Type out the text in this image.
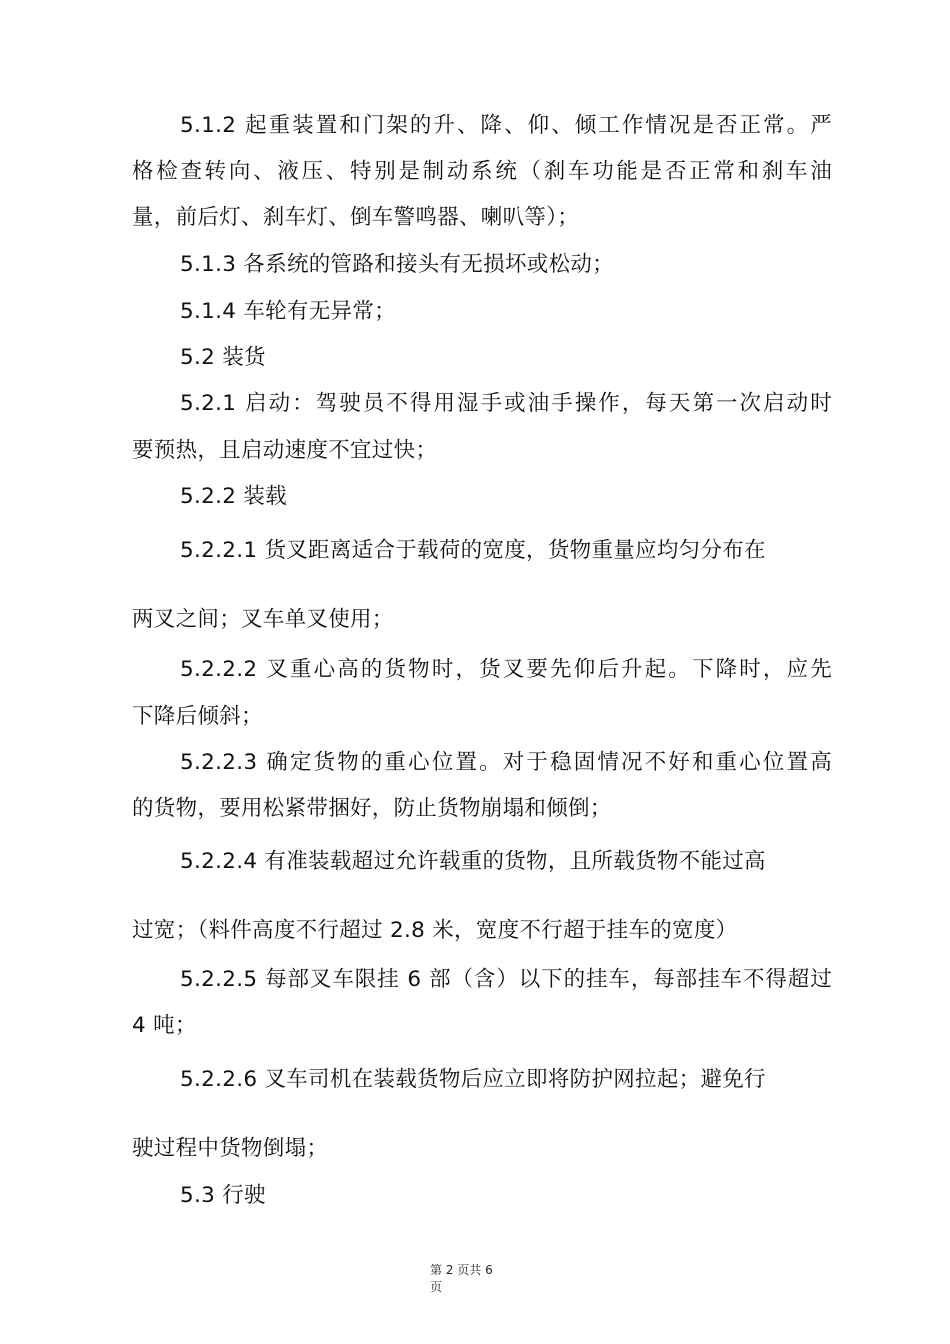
5.1.2 起重装置和门架的升、降、仰、倾工作情况是否正常。严
格检查转向、液压、特别是制动系统（刹车功能是否正常和刹车油
量，前后灯、刹车灯、倒车警鸣器、喇叭等）；
5.1.3 各系统的管路和接头有无损坏或松动；
5.1.4 车轮有无异常；
5.2 装货
5.2.1 启动：驾驶员不得用湿手或油手操作，每天第一次启动时
要预热，且启动速度不宜过快；
5.2.2 装载
5.2.2.1 货叉距离适合于载荷的宽度，货物重量应均匀分布在
两叉之间；叉车单叉使用；
5.2.2.2 叉重心高的货物时，货叉要先仰后升起。下降时，应先
下降后倾斜；
5.2.2.3 确定货物的重心位置。对于稳固情况不好和重心位置高
的货物，要用松紧带捆好，防止货物崩塌和倾倒；
5.2.2.4 有准装载超过允许载重的货物，且所载货物不能过高
过宽；（料件高度不行超过 2.8 米，宽度不行超于挂车的宽度）
5.2.2.5 每部叉车限挂 6 部（含）以下的挂车，每部挂车不得超过
4 吨；
5.2.2.6 叉车司机在装载货物后应立即将防护网拉起；避免行
驶过程中货物倒塌；
5.3 行驶
第 2 页共 6
页
